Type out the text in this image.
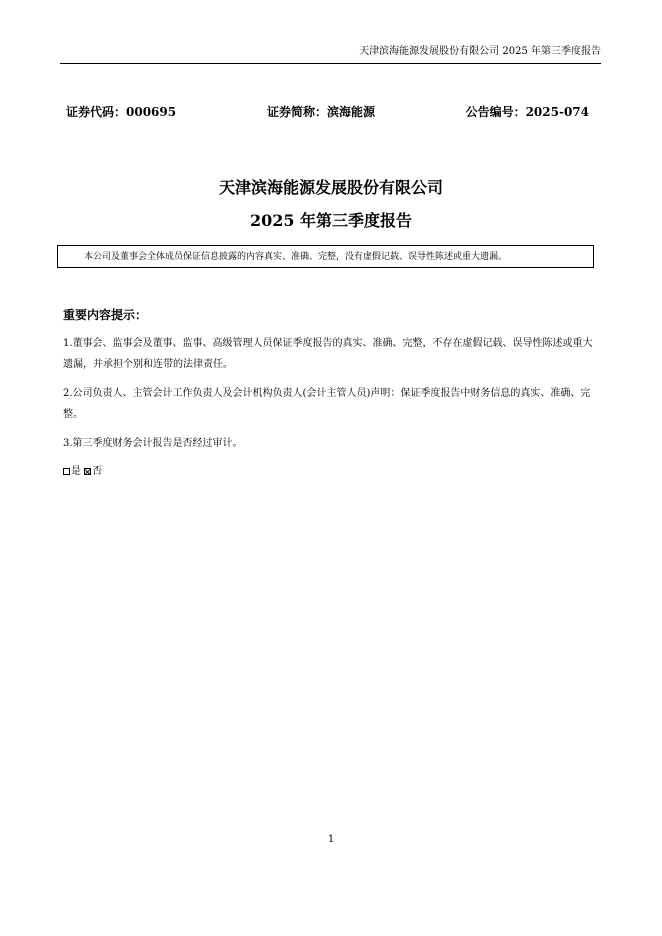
天津滨海能源发展股份有限公司 2025 年第三季度报告
证券代码：000695	证券简称：滨海能源	公告编号：2025-074
天津滨海能源发展股份有限公司
2025 年第三季度报告
本公司及董事会全体成员保证信息披露的内容真实、准确、完整，没有虚假记载、误导性陈述或重大遗漏。
重要内容提示：
1.董事会、监事会及董事、监事、高级管理人员保证季度报告的真实、准确、完整，不存在虚假记载、误导性陈述或重大遗漏，并承担个别和连带的法律责任。
2.公司负责人、主管会计工作负责人及会计机构负责人(会计主管人员)声明：保证季度报告中财务信息的真实、准确、完整。
3.第三季度财务会计报告是否经过审计。
是 否
1
